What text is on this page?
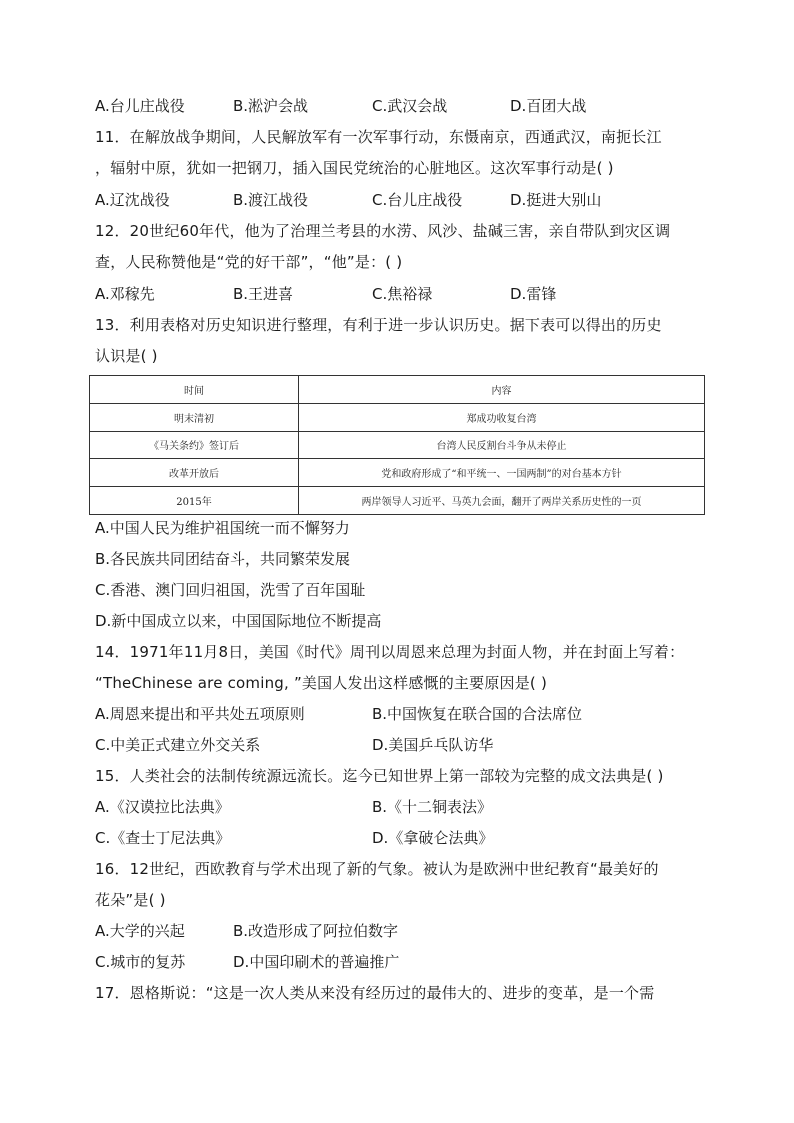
A.台儿庄战役	B.淞沪会战	C.武汉会战	D.百团大战
11．在解放战争期间，人民解放军有一次军事行动，东慑南京，西通武汉，南扼长江
，辐射中原，犹如一把钢刀，插入国民党统治的心脏地区。这次军事行动是( )
A.辽沈战役	B.渡江战役	C.台儿庄战役	D.挺进大别山
12．20世纪60年代，他为了治理兰考县的水涝、风沙、盐碱三害，亲自带队到灾区调
查，人民称赞他是“党的好干部”，“他”是：( )
A.邓稼先	B.王进喜	C.焦裕禄	D.雷锋
13．利用表格对历史知识进行整理，有利于进一步认识历史。据下表可以得出的历史
认识是( )
时间	内容
明末清初	郑成功收复台湾
《马关条约》签订后	台湾人民反割台斗争从未停止
改革开放后	党和政府形成了“和平统一、一国两制”的对台基本方针
2015年	两岸领导人习近平、马英九会面，翻开了两岸关系历史性的一页
A.中国人民为维护祖国统一而不懈努力
B.各民族共同团结奋斗，共同繁荣发展
C.香港、澳门回归祖国，洗雪了百年国耻
D.新中国成立以来，中国国际地位不断提高
14．1971年11月8日，美国《时代》周刊以周恩来总理为封面人物，并在封面上写着：
“TheChinese are coming, ”美国人发出这样感慨的主要原因是( )
A.周恩来提出和平共处五项原则	B.中国恢复在联合国的合法席位
C.中美正式建立外交关系	D.美国乒乓队访华
15．人类社会的法制传统源远流长。迄今已知世界上第一部较为完整的成文法典是( )
A.《汉谟拉比法典》	B.《十二铜表法》
C.《查士丁尼法典》	D.《拿破仑法典》
16．12世纪，西欧教育与学术出现了新的气象。被认为是欧洲中世纪教育“最美好的
花朵”是( )
A.大学的兴起	B.改造形成了阿拉伯数字
C.城市的复苏	D.中国印刷术的普遍推广
17．恩格斯说：“这是一次人类从来没有经历过的最伟大的、进步的变革，是一个需
